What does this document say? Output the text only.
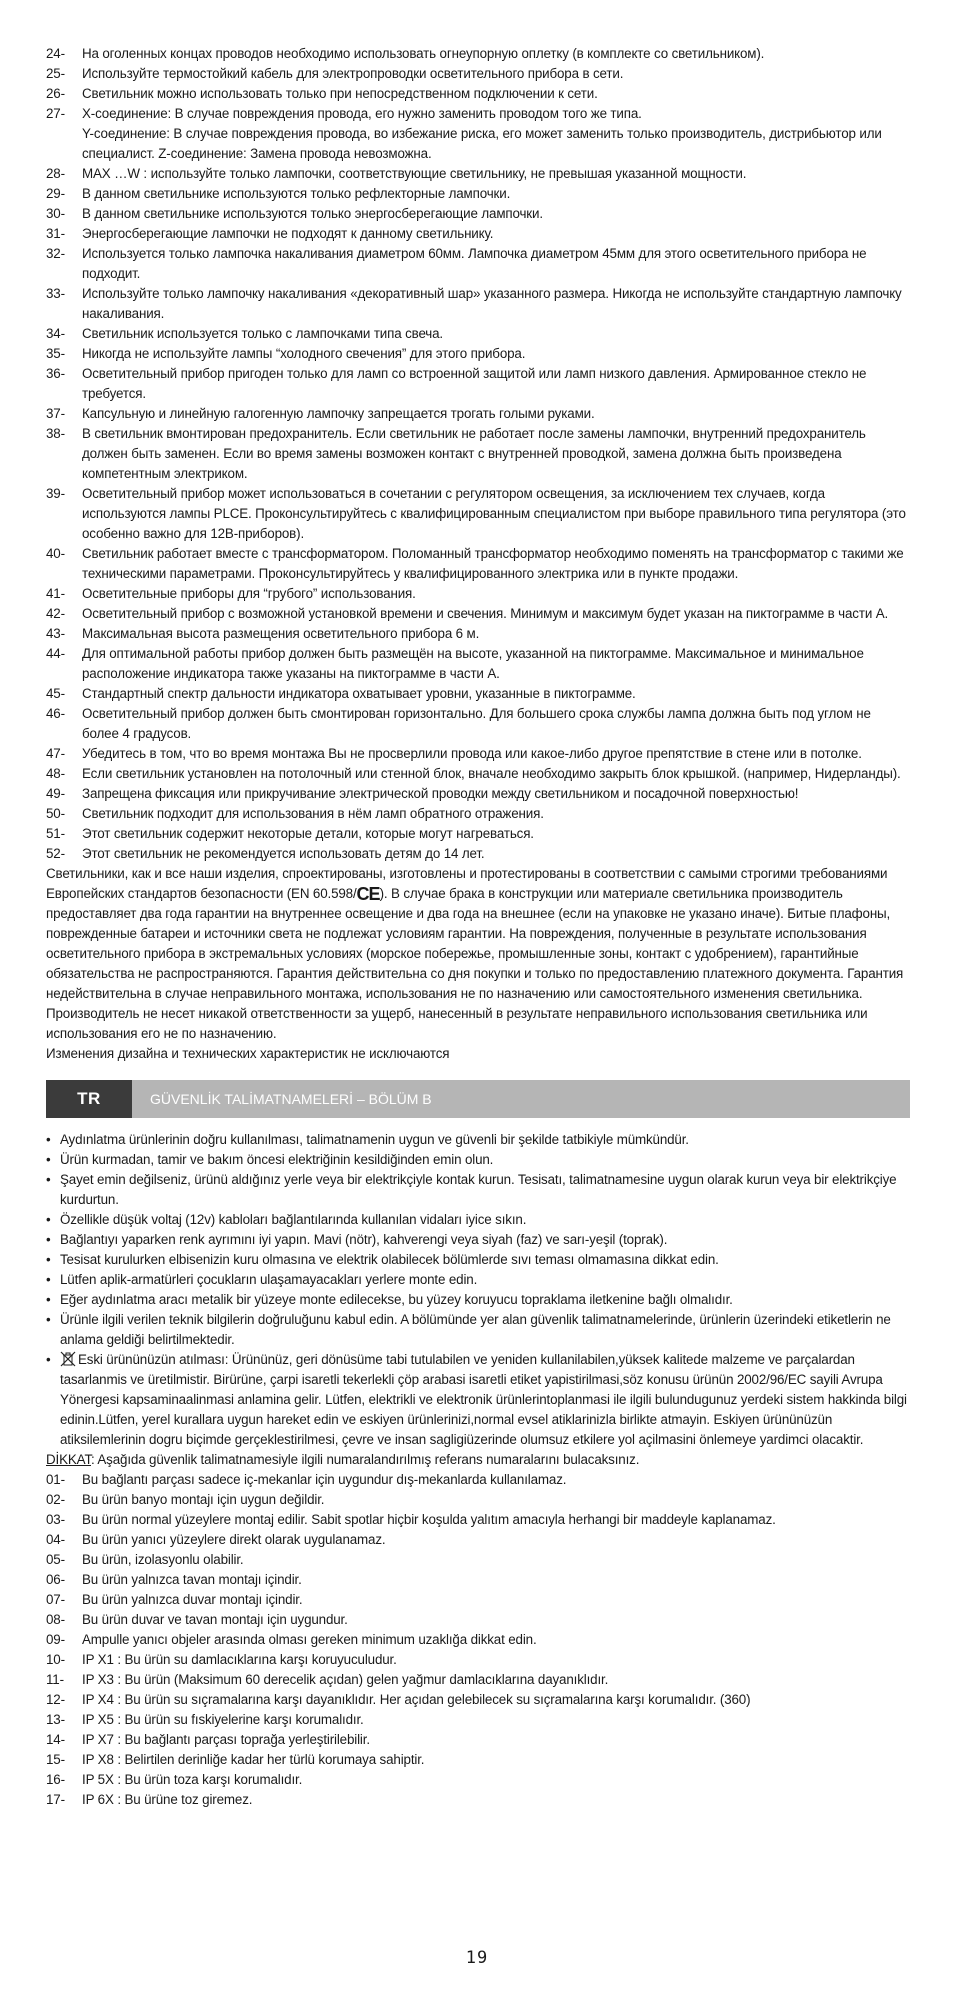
24-	На оголенных концах проводов необходимо использовать огнеупорную оплетку (в комплекте со светильником).
25-	Используйте термостойкий кабель для электропроводки осветительного прибора в сети.
26-	Светильник можно использовать только при непосредственном подключении к сети.
27-	X-соединение: В случае повреждения провода, его нужно заменить проводом того же типа.
Y-соединение: В случае повреждения провода, во избежание риска, его может заменить только производитель, дистрибьютор или специалист. Z-соединение: Замена провода невозможна.
28-	MAX …W : используйте только лампочки, соответствующие светильнику, не превышая указанной мощности.
29-	В данном светильнике используются только рефлекторные лампочки.
30-	В данном светильнике используются только энергосберегающие лампочки.
31-	Энергосберегающие лампочки не подходят к данному светильнику.
32-	Используется только лампочка накаливания диаметром 60мм. Лампочка диаметром 45мм для этого осветительного прибора не подходит.
33-	Используйте только лампочку накаливания «декоративный шар» указанного размера. Никогда не используйте стандартную лампочку накаливания.
34-	Светильник используется только с лампочками типа свеча.
35-	Никогда не используйте лампы “холодного свечения” для этого прибора.
36-	Осветительный прибор пригоден только для ламп со встроенной защитой или ламп низкого давления. Армированное стекло не требуется.
37-	Капсульную и линейную галогенную лампочку запрещается трогать голыми руками.
38-	В светильник вмонтирован предохранитель. Если светильник не работает после замены лампочки, внутренний предохранитель должен быть заменен. Если во время замены возможен контакт с внутренней проводкой, замена должна быть произведена компетентным электриком.
39-	Осветительный прибор может использоваться в сочетании с регулятором освещения, за исключением тех случаев, когда используются лампы PLCE. Проконсультируйтесь с квалифицированным специалистом при выборе правильного типа регулятора (это особенно важно для 12В-приборов).
40-	Светильник работает вместе с трансформатором. Поломанный трансформатор необходимо поменять на трансформатор с такими же техническими параметрами. Проконсультируйтесь у квалифицированного электрика или в пункте продажи.
41-	Осветительные приборы для “грубого” использования.
42-	Осветительный прибор с возможной установкой времени и свечения. Минимум и максимум будет указан на пиктограмме в части А.
43-	Максимальная высота размещения осветительного прибора 6 м.
44-	Для оптимальной работы прибор должен быть размещён на высоте, указанной на пиктограмме. Максимальное и минимальное расположение индикатора также указаны на пиктограмме в части А.
45-	Стандартный спектр дальности индикатора охватывает уровни, указанные в пиктограмме.
46-	Осветительный прибор должен быть смонтирован горизонтально. Для большего срока службы лампа должна быть под углом не более 4 градусов.
47-	Убедитесь в том, что во время монтажа Вы не просверлили провода или какое-либо другое препятствие в стене или в потолке.
48-	Если светильник установлен на потолочный или стенной блок, вначале необходимо закрыть блок крышкой. (например, Нидерланды).
49-	Запрещена фиксация или прикручивание электрической проводки между светильником и посадочной поверхностью!
50-	Светильник подходит для использования в нём ламп обратного отражения.
51-	Этот светильник содержит некоторые детали, которые могут нагреваться.
52-	Этот светильник не рекомендуется использовать детям до 14 лет.

Светильники, как и все наши изделия, спроектированы, изготовлены и протестированы в соответствии с самыми строгими требованиями Европейских стандартов безопасности (EN 60.598/CE). В случае брака в конструкции или материале светильника производитель предоставляет два года гарантии на внутреннее освещение и два года на внешнее (если на упаковке не указано иначе). Битые плафоны, поврежденные батареи и источники света не подлежат условиям гарантии. На повреждения, полученные в результате использования осветительного прибора в экстремальных условиях (морское побережье, промышленные зоны, контакт с удобрением), гарантийные обязательства не распространяются. Гарантия действительна со дня покупки и только по предоставлению платежного документа. Гарантия недействительна в случае неправильного монтажа, использования не по назначению или самостоятельного изменения светильника. Производитель не несет никакой ответственности за ущерб, нанесенный в результате неправильного использования светильника или использования его не по назначению.

Изменения дизайна и технических характеристик не исключаются

TR	GÜVENLİK TALİMATNAMELERİ – BÖLÜM B
• Aydınlatma ürünlerinin doğru kullanılması, talimatnamenin uygun ve güvenli bir şekilde tatbikiyle mümkündür.
• Ürün kurmadan, tamir ve bakım öncesi elektriğinin kesildiğinden emin olun.
• Şayet emin değilseniz, ürünü aldığınız yerle veya bir elektrikçiyle kontak kurun. Tesisatı, talimatnamesine uygun olarak kurun veya bir elektrikçiye kurdurtun.
• Özellikle düşük voltaj (12v) kabloları bağlantılarında kullanılan vidaları iyice sıkın.
• Bağlantıyı yaparken renk ayrımını iyi yapın. Mavi (nötr), kahverengi veya siyah (faz) ve sarı-yeşil (toprak).
• Tesisat kurulurken elbisenizin kuru olmasına ve elektrik olabilecek bölümlerde sıvı teması olmamasına dikkat edin.
• Lütfen aplik-armatürleri çocukların ulaşamayacakları yerlere monte edin.
• Eğer aydınlatma aracı metalik bir yüzeye monte edilecekse, bu yüzey koruyucu topraklama iletkenine bağlı olmalıdır.
• Ürünle ilgili verilen teknik bilgilerin doğruluğunu kabul edin. A bölümünde yer alan güvenlik talimatnamelerinde, ürünlerin üzerindeki etiketlerin ne anlama geldiği belirtilmektedir.
•	Eski ürününüzün atılması: Ürününüz, geri dönüsüme tabi tutulabilen ve yeniden kullanilabilen,yüksek kalitede malzeme ve parçalardan tasarlanmis ve üretilmistir. Birürüne, çarpi isaretli tekerlekli çöp arabasi isaretli etiket yapistirilmasi,söz konusu ürünün 2002/96/EC sayili Avrupa Yönergesi kapsaminaalinmasi anlamina gelir. Lütfen, elektrikli ve elektronik ürünlerintoplanmasi ile ilgili bulundugunuz yerdeki sistem hakkinda bilgi edinin.Lütfen, yerel kurallara uygun hareket edin ve eskiyen ürünlerinizi,normal evsel atiklarinizla birlikte atmayin. Eskiyen ürününüzün atiksilemlerinin dogru biçimde gerçeklestirilmesi, çevre ve insan sagligiüzerinde olumsuz etkilere yol açilmasini önlemeye yardimci olacaktir.

DİKKAT: Aşağıda güvenlik talimatnamesiyle ilgili numaralandırılmış referans numaralarını bulacaksınız.

01-	Bu bağlantı parçası sadece iç-mekanlar için uygundur dış-mekanlarda kullanılamaz.
02-	Bu ürün banyo montajı için uygun değildir.
03-	Bu ürün normal yüzeylere montaj edilir. Sabit spotlar hiçbir koşulda yalıtım amacıyla herhangi bir maddeyle kaplanamaz.
04-	Bu ürün yanıcı yüzeylere direkt olarak uygulanamaz.
05-	Bu ürün, izolasyonlu olabilir.
06-	Bu ürün yalnızca tavan montajı içindir.
07-	Bu ürün yalnızca duvar montajı içindir.
08-	Bu ürün duvar ve tavan montajı için uygundur.
09-	Ampulle yanıcı objeler arasında olması gereken minimum uzaklığa dikkat edin.
10-	IP X1 : Bu ürün su damlacıklarına karşı koruyuculudur.
11-	IP X3 : Bu ürün (Maksimum 60 derecelik açıdan) gelen yağmur damlacıklarına dayanıklıdır.
12-	IP X4 : Bu ürün su sıçramalarına karşı dayanıklıdır. Her açıdan gelebilecek su sıçramalarına karşı korumalıdır. (360)
13-	IP X5 : Bu ürün su fıskiyelerine karşı korumalıdır.
14-	IP X7 : Bu bağlantı parçası toprağa yerleştirilebilir.
15-	IP X8 : Belirtilen derinliğe kadar her türlü korumaya sahiptir.
16-	IP 5X : Bu ürün toza karşı korumalıdır.
17-	IP 6X : Bu ürüne toz giremez.
19
